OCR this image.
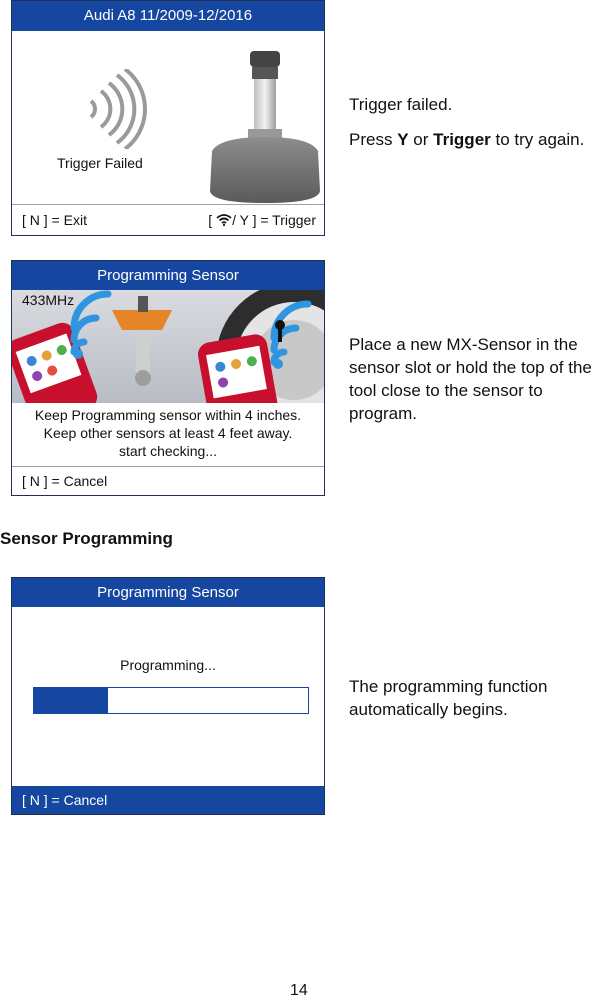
Audi A8 11/2009-12/2016
Trigger Failed
[ N ] = Exit	[ / Y ] = Trigger

Trigger failed.

Press Y or Trigger to try again.

Programming Sensor
433MHz
Keep Programming sensor within 4 inches.
Keep other sensors at least 4 feet away.
start checking...
[ N ] = Cancel
Place a new MX-Sensor in the sensor slot or hold the top of the tool close to the sensor to program.
Sensor Programming
Programming Sensor
Programming...
[ N ] = Cancel
The programming function automatically begins.
14
